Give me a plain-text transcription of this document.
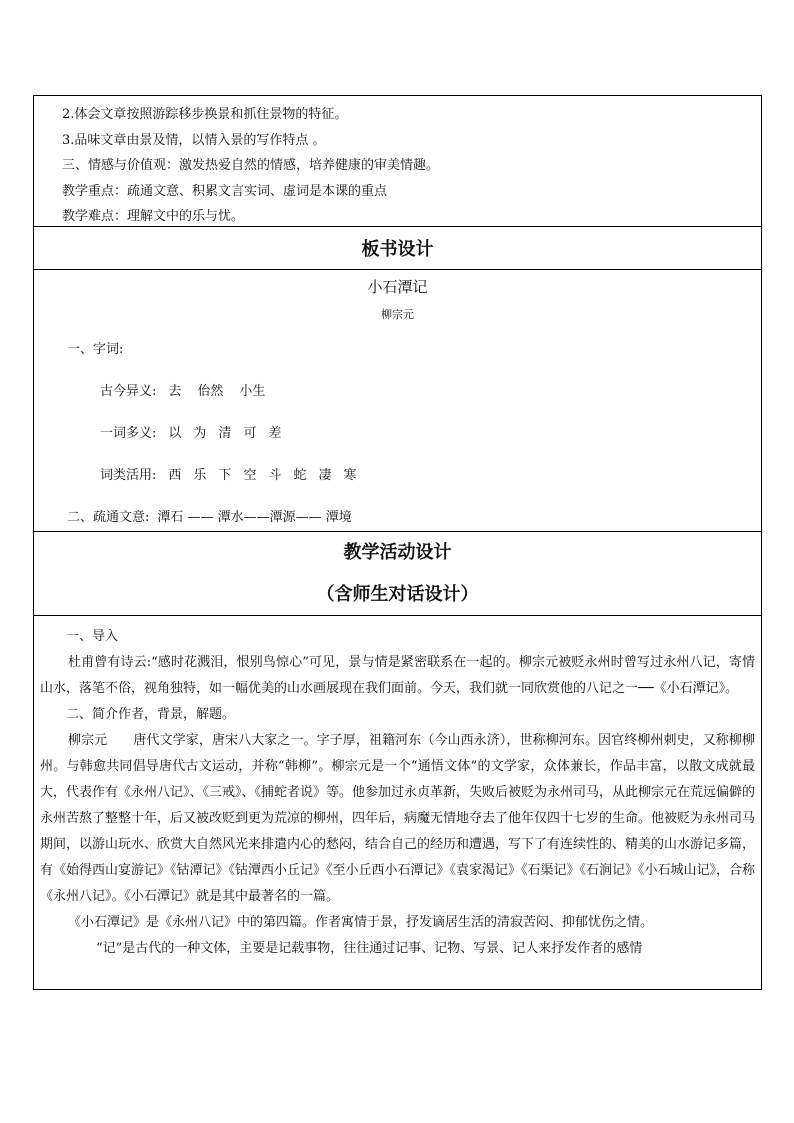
2.体会文章按照游踪移步换景和抓住景物的特征。
3.品味文章由景及情，以情入景的写作特点 。
三、情感与价值观：激发热爱自然的情感，培养健康的审美情趣。
教学重点：疏通文意、积累文言实词、虚词是本课的重点
教学难点：理解文中的乐与忧。
板书设计
小石潭记
柳宗元
一、字词:
古今异义: 去 佁然 小生
一词多义: 以 为 清 可 差
词类活用: 西 乐 下 空 斗 蛇 凄 寒
二、疏通文意: 潭石 —— 潭水——潭源—— 潭境
教学活动设计
（含师生对话设计）

一、导入

杜甫曾有诗云:“感时花溅泪，恨别鸟惊心”可见，景与情是紧密联系在一起的。柳宗元被贬永州时曾写过永州八记，寄情山水，落笔不俗，视角独特，如一幅优美的山水画展现在我们面前。今天，我们就一同欣赏他的八记之一──《小石潭记》。

二、简介作者，背景，解题。

柳宗元　　唐代文学家，唐宋八大家之一。字子厚，祖籍河东（今山西永济），世称柳河东。因官终柳州刺史，又称柳柳州。与韩愈共同倡导唐代古文运动，并称“韩柳”。柳宗元是一个“通悟文体”的文学家，众体兼长，作品丰富，以散文成就最大，代表作有《永州八记》、《三戒》、《捕蛇者说》等。他参加过永贞革新，失败后被贬为永州司马，从此柳宗元在荒远偏僻的永州苦熬了整整十年，后又被改贬到更为荒凉的柳州，四年后，病魔无情地夺去了他年仅四十七岁的生命。他被贬为永州司马期间，以游山玩水、欣赏大自然风光来排遣内心的愁闷，结合自己的经历和遭遇，写下了有连续性的、精美的山水游记多篇，有《始得西山宴游记》《钴潭记》《钴潭西小丘记》《至小丘西小石潭记》《袁家渴记》《石渠记》《石涧记》《小石城山记》，合称《永州八记》。《小石潭记》就是其中最著名的一篇。

《小石潭记》是《永州八记》中的第四篇。作者寓情于景，抒发谪居生活的清寂苦闷、抑郁忧伤之情。

“记”是古代的一种文体，主要是记载事物，往往通过记事、记物、写景、记人来抒发作者的感情
